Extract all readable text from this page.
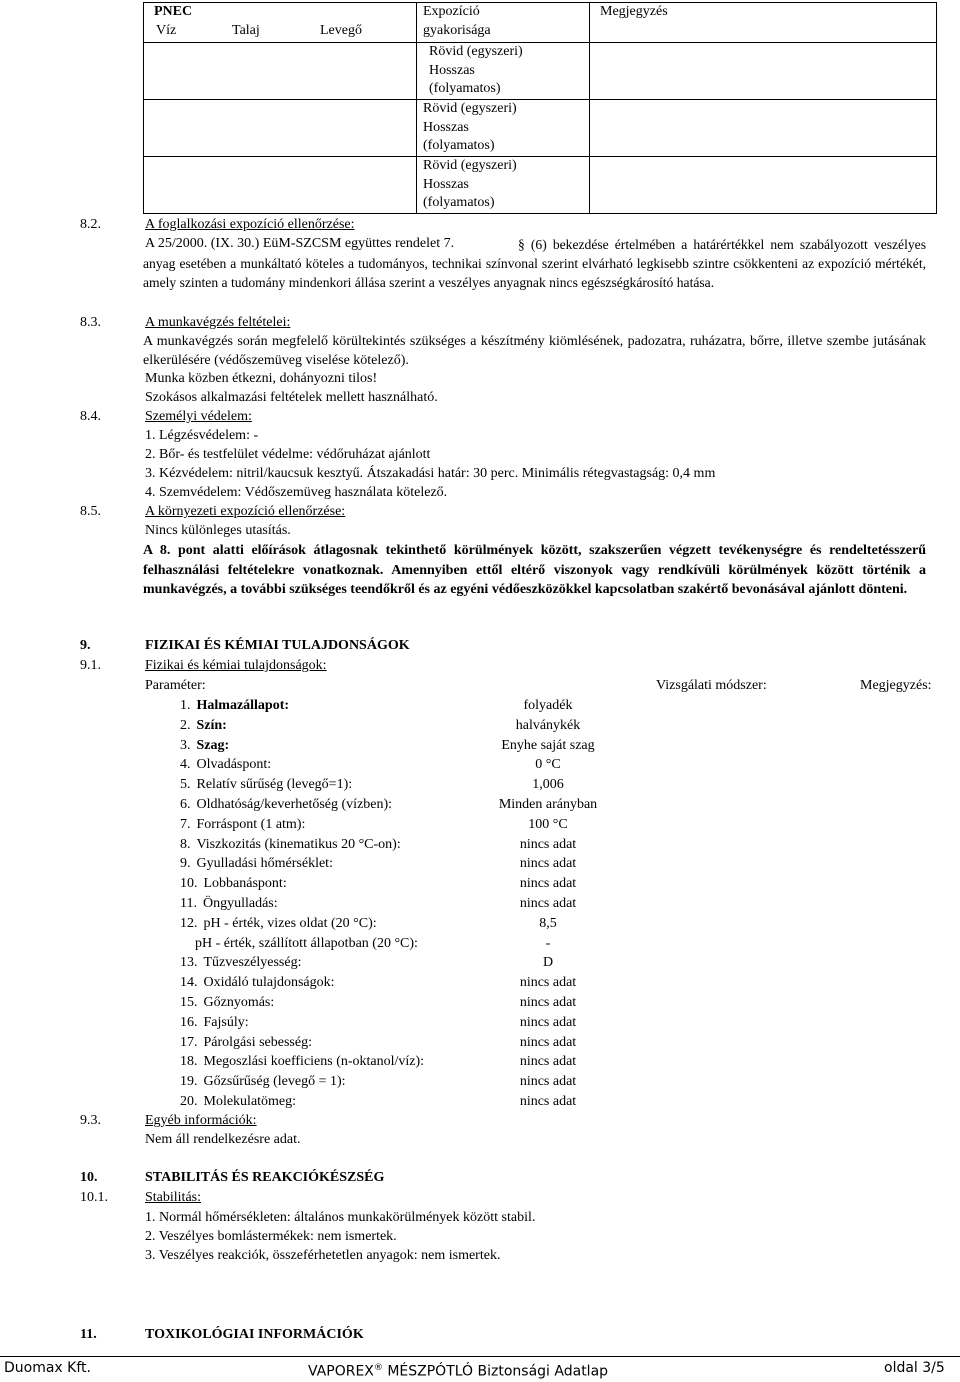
PNEC
Víz Talaj Levegő	Expozíció gyakorisága	Megjegyzés

	Rövid (egyszeri)
Hosszas
(folyamatos)	

	Rövid (egyszeri)
Hosszas
(folyamatos)	

	Rövid (egyszeri)
Hosszas
(folyamatos)	

8.2.	A foglalkozási expozíció ellenőrzése:
A 25/2000. (IX. 30.) EüM-SZCSM együttes rendelet 7.	§ (6) bekezdése értelmében a határértékkel nem szabályozott veszélyes anyag esetében a munkáltató köteles a tudományos, technikai színvonal szerint elvárható legkisebb szintre csökkenteni az expozíció mértékét, amely szinten a tudomány mindenkori állása szerint a veszélyes anyagnak nincs egészségkárosító hatása.
8.3.	A munkavégzés feltételei:
A munkavégzés során megfelelő körültekintés szükséges a készítmény kiömlésének, padozatra, ruházatra, bőrre, illetve szembe jutásának elkerülésére (védőszemüveg viselése kötelező).
Munka közben étkezni, dohányozni tilos!
Szokásos alkalmazási feltételek mellett használható.
8.4.	Személyi védelem:
1. Légzésvédelem: -
2. Bőr- és testfelület védelme: védőruházat ajánlott
3. Kézvédelem: nitril/kaucsuk kesztyű. Átszakadási határ: 30 perc. Minimális rétegvastagság: 0,4 mm
4. Szemvédelem: Védőszemüveg használata kötelező.
8.5.	A környezeti expozíció ellenőrzése:
Nincs különleges utasítás.
A 8. pont alatti előírások átlagosnak tekinthető körülmények között, szakszerűen végzett tevékenységre és rendeltetésszerű felhasználási feltételekre vonatkoznak. Amennyiben ettől eltérő viszonyok vagy rendkívüli körülmények között történik a munkavégzés, a további szükséges teendőkről és az egyéni védőeszközökkel kapcsolatban szakértő bevonásával ajánlott dönteni.
9.	FIZIKAI ÉS KÉMIAI TULAJDONSÁGOK
9.1.	Fizikai és kémiai tulajdonságok:
Paraméter:	Vizsgálati módszer:	Megjegyzés:
1. Halmazállapot:	folyadék
2. Szín:	halványkék
3. Szag:	Enyhe saját szag
4. Olvadáspont:	0 °C
5. Relatív sűrűség (levegő=1):	1,006
6. Oldhatóság/keverhetőség (vízben):	Minden arányban
7. Forráspont (1 atm):	100 °C
8. Viszkozitás (kinematikus 20 °C-on):	nincs adat
9. Gyulladási hőmérséklet:	nincs adat
10. Lobbanáspont:	nincs adat
11. Öngyulladás:	nincs adat
12. pH - érték, vizes oldat (20 °C):	8,5
pH - érték, szállított állapotban (20 °C):	-
13. Tűzveszélyesség:	D
14. Oxidáló tulajdonságok:	nincs adat
15. Gőznyomás:	nincs adat
16. Fajsúly:	nincs adat
17. Párolgási sebesség:	nincs adat
18. Megoszlási koefficiens (n-oktanol/víz):	nincs adat
19. Gőzsűrűség (levegő = 1):	nincs adat
20. Molekulatömeg:	nincs adat
9.3.	Egyéb információk:
Nem áll rendelkezésre adat.
10.	STABILITÁS ÉS REAKCIÓKÉSZSÉG
10.1.	Stabilitás:
1. Normál hőmérsékleten: általános munkakörülmények között stabil.
2. Veszélyes bomlástermékek: nem ismertek.
3. Veszélyes reakciók, összeférhetetlen anyagok: nem ismertek.
11.	TOXIKOLÓGIAI INFORMÁCIÓK
Duomax Kft.	VAPOREX® MÉSZPÓTLÓ Biztonsági Adatlap	oldal 3/5
